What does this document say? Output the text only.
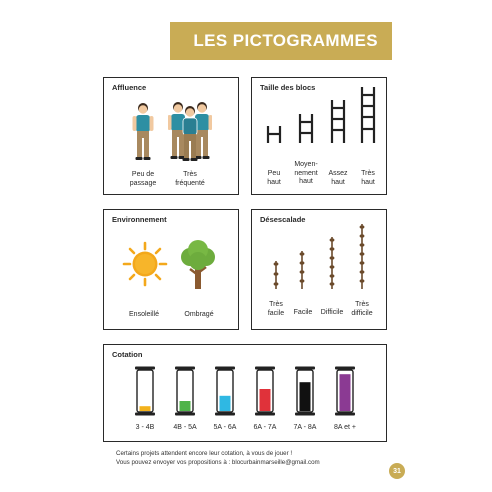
LES PICTOGRAMMES
Affluence
Peu de
passage
Très
fréquenté
Taille des blocs
Peu
haut
Moyen-
nement
haut
Assez
haut
Très
haut
Environnement
Ensoleillé	Ombragé
Désescalade
Très
facile Facile Difficile
Très
difficile
Cotation
3 - 4B	4B - 5A 5A - 6A 6A - 7A 7A - 8A	8A et +
Certains projets attendent encore leur cotation, à vous de jouer !
Vous pouvez envoyer vos propositions à : blocurbainmarseille@gmail.com
31
